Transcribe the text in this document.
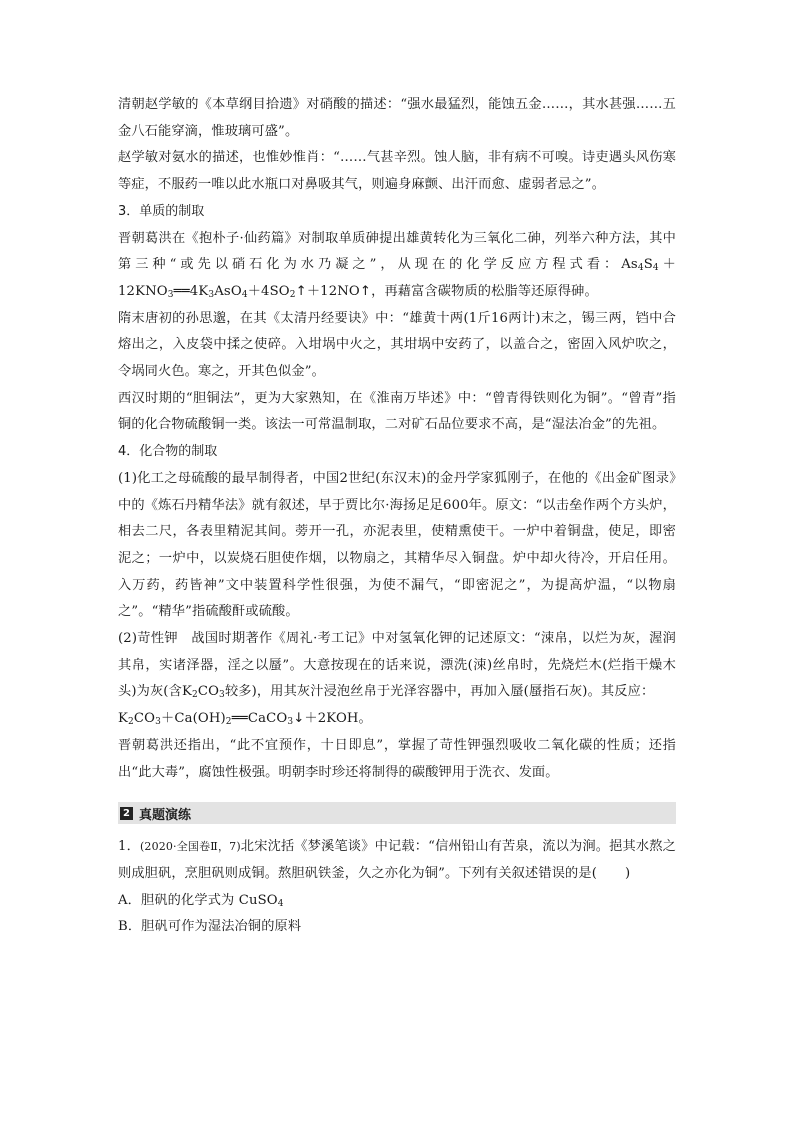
清朝赵学敏的《本草纲目拾遗》对硝酸的描述：“强水最猛烈，能蚀五金……，其水甚强……五金八石能穿滴，惟玻璃可盛”。

赵学敏对氨水的描述，也惟妙惟肖：“……气甚辛烈。蚀人脑，非有病不可嗅。诗吏遇头风伤寒等症，不服药一唯以此水瓶口对鼻吸其气，则遍身麻颤、出汗而愈、虚弱者忌之”。

3．单质的制取

晋朝葛洪在《抱朴子·仙药篇》对制取单质砷提出雄黄转化为三氧化二砷，列举六种方法，其中第三种“或先以硝石化为水乃凝之”，从现在的化学反应方程式看：$As_4S_4+12KNO_3══4K_3AsO_4+4SO_2↑+12NO↑$，再藉富含碳物质的松脂等还原得砷。

隋末唐初的孙思邈，在其《太清丹经要诀》中：“雄黄十两(1斤16两计)末之，锡三两，铛中合熔出之，入皮袋中揉之使碎。入坩埚中火之，其坩埚中安药了，以盖合之，密固入风炉吹之，令埚同火色。寒之，开其色似金”。

西汉时期的“胆铜法”，更为大家熟知，在《淮南万毕述》中：“曾青得铁则化为铜”。“曾青”指铜的化合物硫酸铜一类。该法一可常温制取，二对矿石品位要求不高，是“湿法冶金”的先祖。

4．化合物的制取

(1)化工之母硫酸的最早制得者，中国2世纪(东汉末)的金丹学家狐刚子，在他的《出金矿图录》中的《炼石丹精华法》就有叙述，早于贾比尔·海扬足足600年。原文：“以击垒作两个方头炉，相去二尺，各表里精泥其间。蒡开一孔，亦泥表里，使精熏使干。一炉中着铜盘，使足，即密泥之；一炉中，以炭烧石胆使作烟，以物扇之，其精华尽入铜盘。炉中却火待冷，开启任用。入万药，药皆神”文中装置科学性很强，为使不漏气，“即密泥之”，为提高炉温，“以物扇之”。“精华”指硫酸酐或硫酸。

(2)苛性钾　战国时期著作《周礼·考工记》中对氢氧化钾的记述原文：“涑帛，以烂为灰，渥润其帛，实诸泽器，淫之以蜃”。大意按现在的话来说，漂洗(涑)丝帛时，先烧烂木(烂指干燥木头)为灰(含$K_2CO_3$较多)，用其灰汁浸泡丝帛于光泽容器中，再加入蜃(蜃指石灰)。其反应：

$K_2CO_3+Ca(OH)_2══CaCO_3↓+2KOH$。

晋朝葛洪还指出，“此不宜预作，十日即息”，掌握了苛性钾强烈吸收二氧化碳的性质；还指出“此大毒”，腐蚀性极强。明朝李时珍还将制得的碳酸钾用于洗衣、发面。

2 真题演练

1．(2020·全国卷Ⅱ，7)北宋沈括《梦溪笔谈》中记载：“信州铅山有苦泉，流以为涧。挹其水熬之则成胆矾，烹胆矾则成铜。熬胆矾铁釜，久之亦化为铜”。下列有关叙述错误的是( )

A．胆矾的化学式为 CuSO$_4$

B．胆矾可作为湿法冶铜的原料
